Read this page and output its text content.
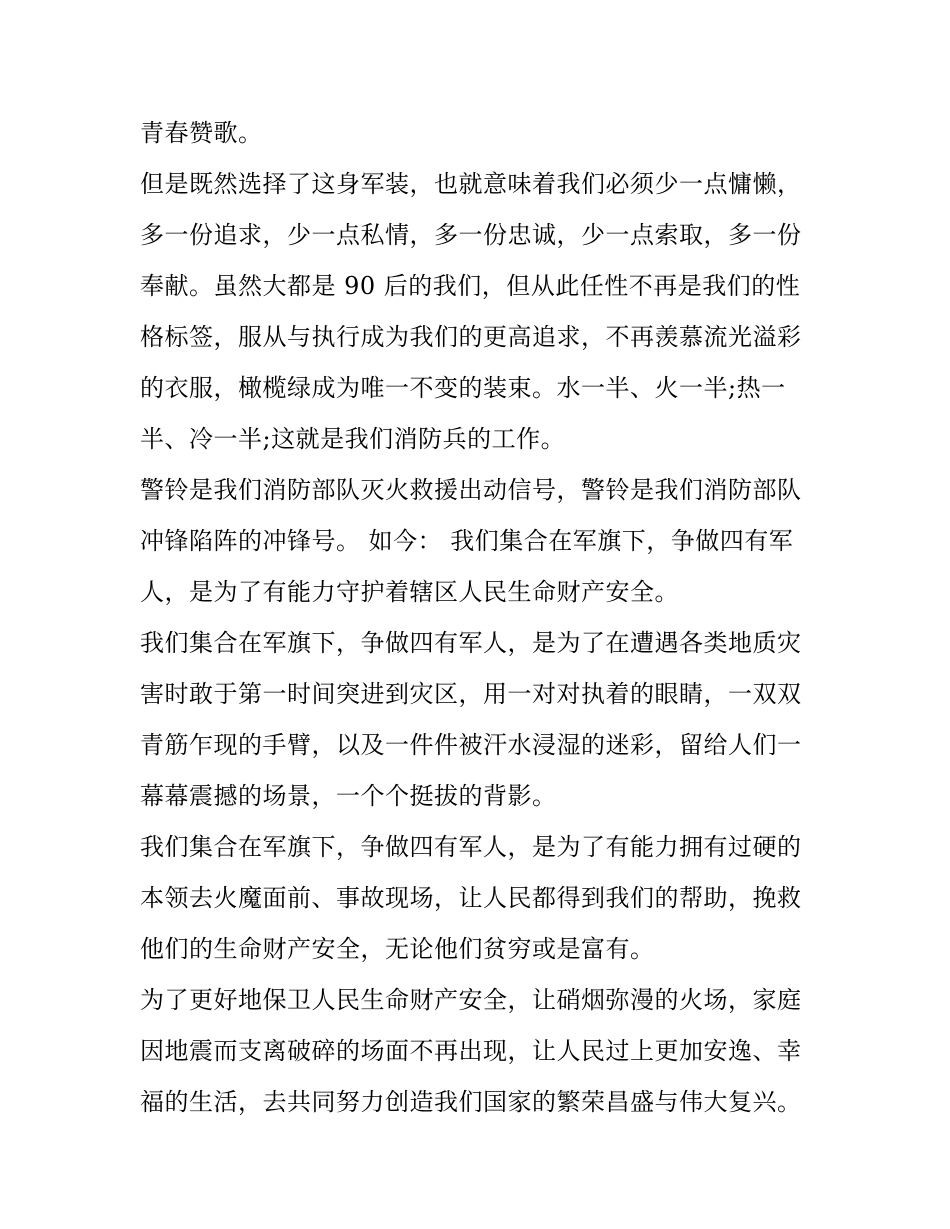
青春赞歌。
但是既然选择了这身军装，也就意味着我们必须少一点慵懒，
多一份追求，少一点私情，多一份忠诚，少一点索取，多一份
奉献。虽然大都是 90 后的我们，但从此任性不再是我们的性
格标签，服从与执行成为我们的更高追求，不再羡慕流光溢彩
的衣服，橄榄绿成为唯一不变的装束。水一半、火一半;热一
半、冷一半;这就是我们消防兵的工作。
警铃是我们消防部队灭火救援出动信号，警铃是我们消防部队
冲锋陷阵的冲锋号。 如今： 我们集合在军旗下，争做四有军
人，是为了有能力守护着辖区人民生命财产安全。
我们集合在军旗下，争做四有军人，是为了在遭遇各类地质灾
害时敢于第一时间突进到灾区，用一对对执着的眼睛，一双双
青筋乍现的手臂，以及一件件被汗水浸湿的迷彩，留给人们一
幕幕震撼的场景，一个个挺拔的背影。
我们集合在军旗下，争做四有军人，是为了有能力拥有过硬的
本领去火魔面前、事故现场，让人民都得到我们的帮助，挽救
他们的生命财产安全，无论他们贫穷或是富有。
为了更好地保卫人民生命财产安全，让硝烟弥漫的火场，家庭
因地震而支离破碎的场面不再出现，让人民过上更加安逸、幸
福的生活，去共同努力创造我们国家的繁荣昌盛与伟大复兴。
